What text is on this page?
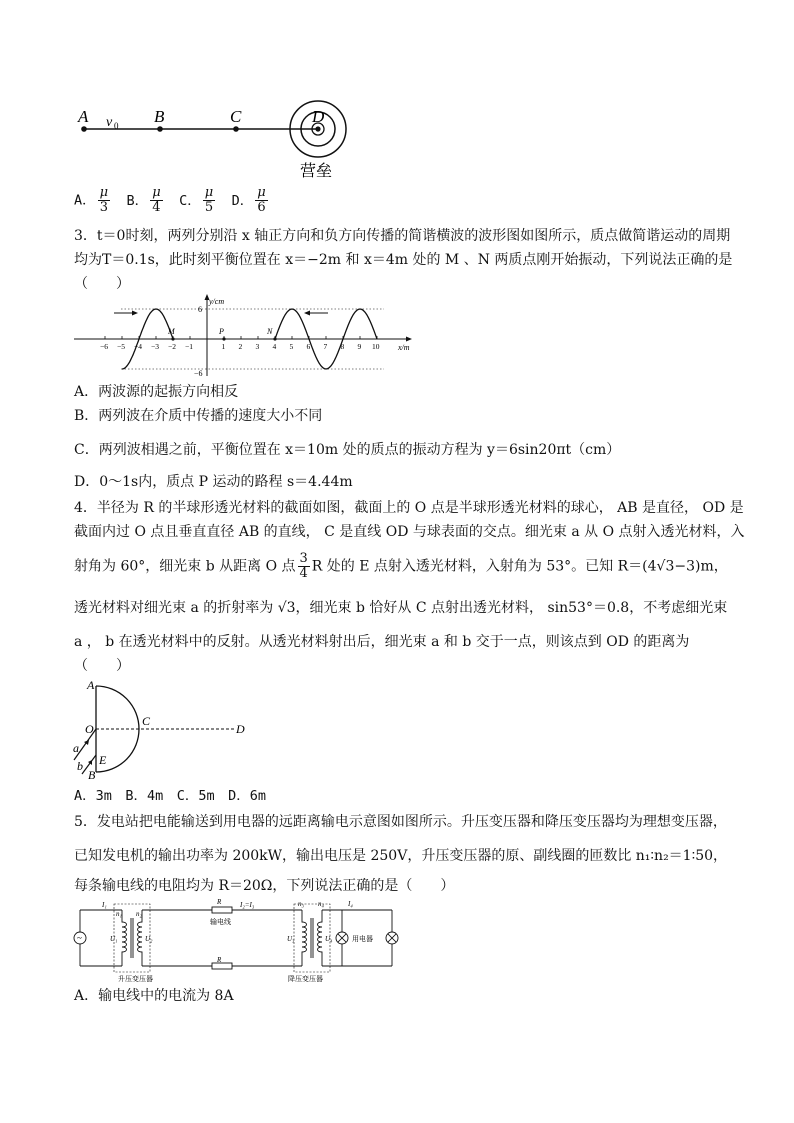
A v 0 B	C	D
营垒
A． $\frac{\mu}{3}$ B． $\frac{\mu}{4}$ C． $\frac{\mu}{5}$ D． $\frac{\mu}{6}$
3．t＝0时刻，两列分别沿 x 轴正方向和负方向传播的简谐横波的波形图如图所示，质点做简谐运动的周期
均为T＝0.1s，此时刻平衡位置在 x＝−2m 和 x＝4m 处的 M 、N 两质点刚开始振动，下列说法正确的是
（　　）
−6 −5 −4 −3 −2 −1	1 2 3 4 5 6 7 8 9 10
y/cm
x/m
6
−6
M	P	N
A．两波源的起振方向相反
B．两列波在介质中传播的速度大小不同
C．两列波相遇之前，平衡位置在 x＝10m 处的质点的振动方程为 y＝6sin20πt（cm）
D．0～1s内，质点 P 运动的路程 s＝4.44m
4．半径为 R 的半球形透光材料的截面如图，截面上的 O 点是半球形透光材料的球心， AB 是直径， OD 是
截面内过 O 点且垂直直径 AB 的直线， C 是直线 OD 与球表面的交点。细光束 a 从 O 点射入透光材料，入
射角为 60°，细光束 b 从距离 O 点 $\frac{3}{4}$ R 处的 E 点射入透光材料，入射角为 53°。已知 R＝(4√3−3)m，
透光材料对细光束 a 的折射率为 √3，细光束 b 恰好从 C 点射出透光材料， sin53°＝0.8，不考虑细光束
a ， b 在透光材料中的反射。从透光材料射出后，细光束 a 和 b 交于一点，则该点到 OD 的距离为
（　　）
A
O
C
D
a
b E
B
A．3m　B．4m　C．5m　D．6m
5．发电站把电能输送到用电器的远距离输电示意图如图所示。升压变压器和降压变压器均为理想变压器，
已知发电机的输出功率为 200kW，输出电压是 250V，升压变压器的原、副线圈的匝数比 n₁∶n₂＝1∶50，
每条输电线的电阻均为 R＝20Ω，下列说法正确的是（　　）
~
I₁
n₁ n₂
U₁	U₂
R	I₂=I₃	n₃ n₄	I₄
U₃	U₄
R
输电线
用电器
升压变压器	降压变压器
A．输电线中的电流为 8A
